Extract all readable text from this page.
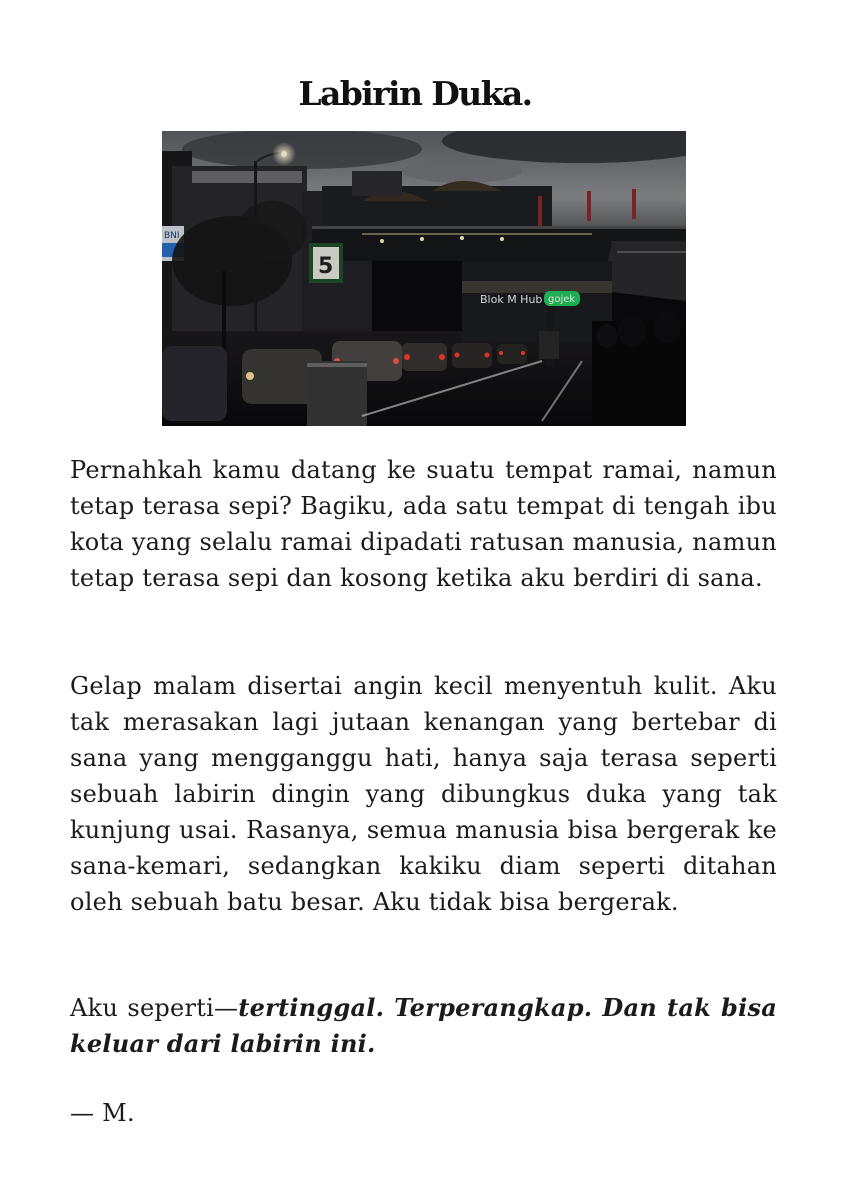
Labirin Duka.
BNI
5
Blok M Hub gojek

Pernahkah kamu datang ke suatu tempat ramai, namun tetap terasa sepi? Bagiku, ada satu tempat di tengah ibu kota yang selalu ramai dipadati ratusan manusia, namun tetap terasa sepi dan kosong ketika aku berdiri di sana.

Gelap malam disertai angin kecil menyentuh kulit. Aku tak merasakan lagi jutaan kenangan yang bertebar di sana yang mengganggu hati, hanya saja terasa seperti sebuah labirin dingin yang dibungkus duka yang tak kunjung usai. Rasanya, semua manusia bisa bergerak ke sana-kemari, sedangkan kakiku diam seperti ditahan oleh sebuah batu besar. Aku tidak bisa bergerak.

Aku seperti—tertinggal. Terperangkap. Dan tak bisa keluar dari labirin ini.

— M.
